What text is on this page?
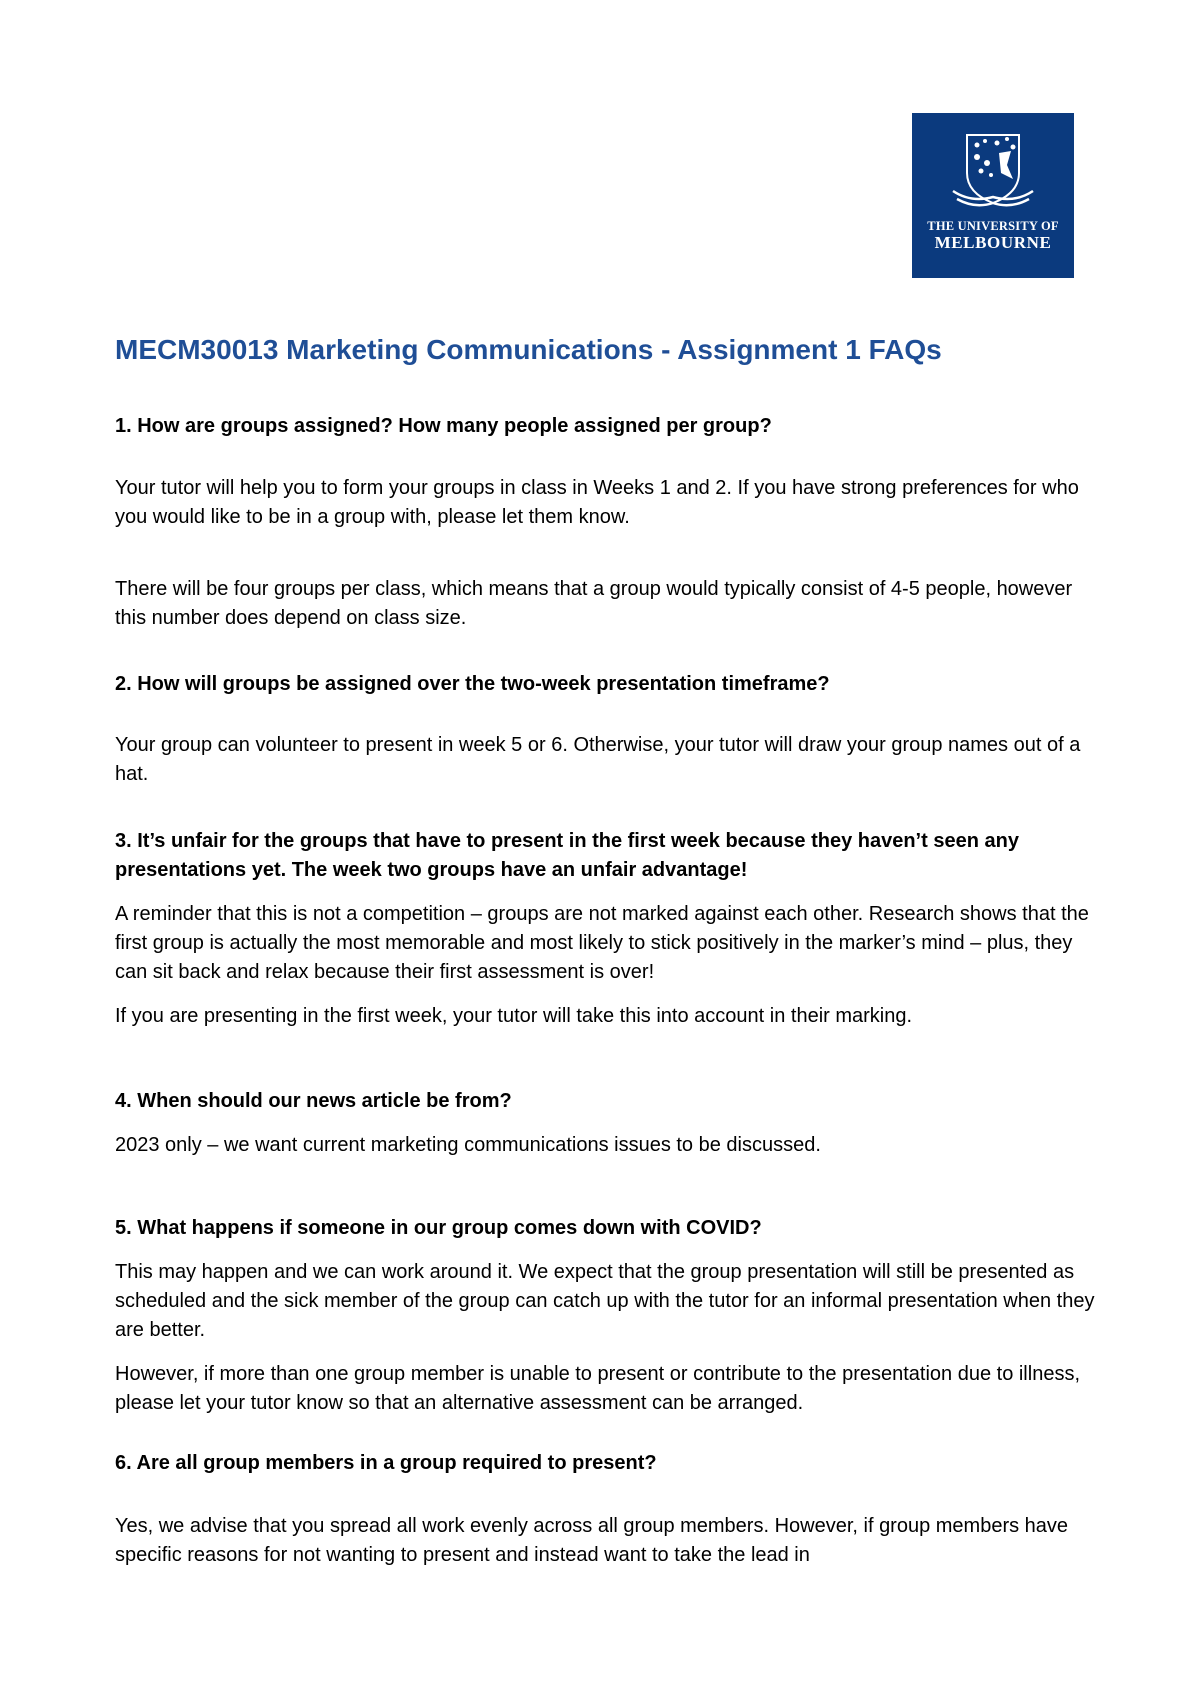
THE UNIVERSITY OF
MELBOURNE
MECM30013 Marketing Communications - Assignment 1 FAQs

1. How are groups assigned? How many people assigned per group?

Your tutor will help you to form your groups in class in Weeks 1 and 2. If you have strong preferences for who you would like to be in a group with, please let them know.

There will be four groups per class, which means that a group would typically consist of 4-5 people, however this number does depend on class size.

2. How will groups be assigned over the two-week presentation timeframe?

Your group can volunteer to present in week 5 or 6. Otherwise, your tutor will draw your group names out of a hat.

3. It’s unfair for the groups that have to present in the first week because they haven’t seen any presentations yet. The week two groups have an unfair advantage!

A reminder that this is not a competition – groups are not marked against each other. Research shows that the first group is actually the most memorable and most likely to stick positively in the marker’s mind – plus, they can sit back and relax because their first assessment is over!

If you are presenting in the first week, your tutor will take this into account in their marking.

4. When should our news article be from?

2023 only – we want current marketing communications issues to be discussed.

5. What happens if someone in our group comes down with COVID?

This may happen and we can work around it. We expect that the group presentation will still be presented as scheduled and the sick member of the group can catch up with the tutor for an informal presentation when they are better.

However, if more than one group member is unable to present or contribute to the presentation due to illness, please let your tutor know so that an alternative assessment can be arranged.

6. Are all group members in a group required to present?

Yes, we advise that you spread all work evenly across all group members. However, if group members have specific reasons for not wanting to present and instead want to take the lead in
